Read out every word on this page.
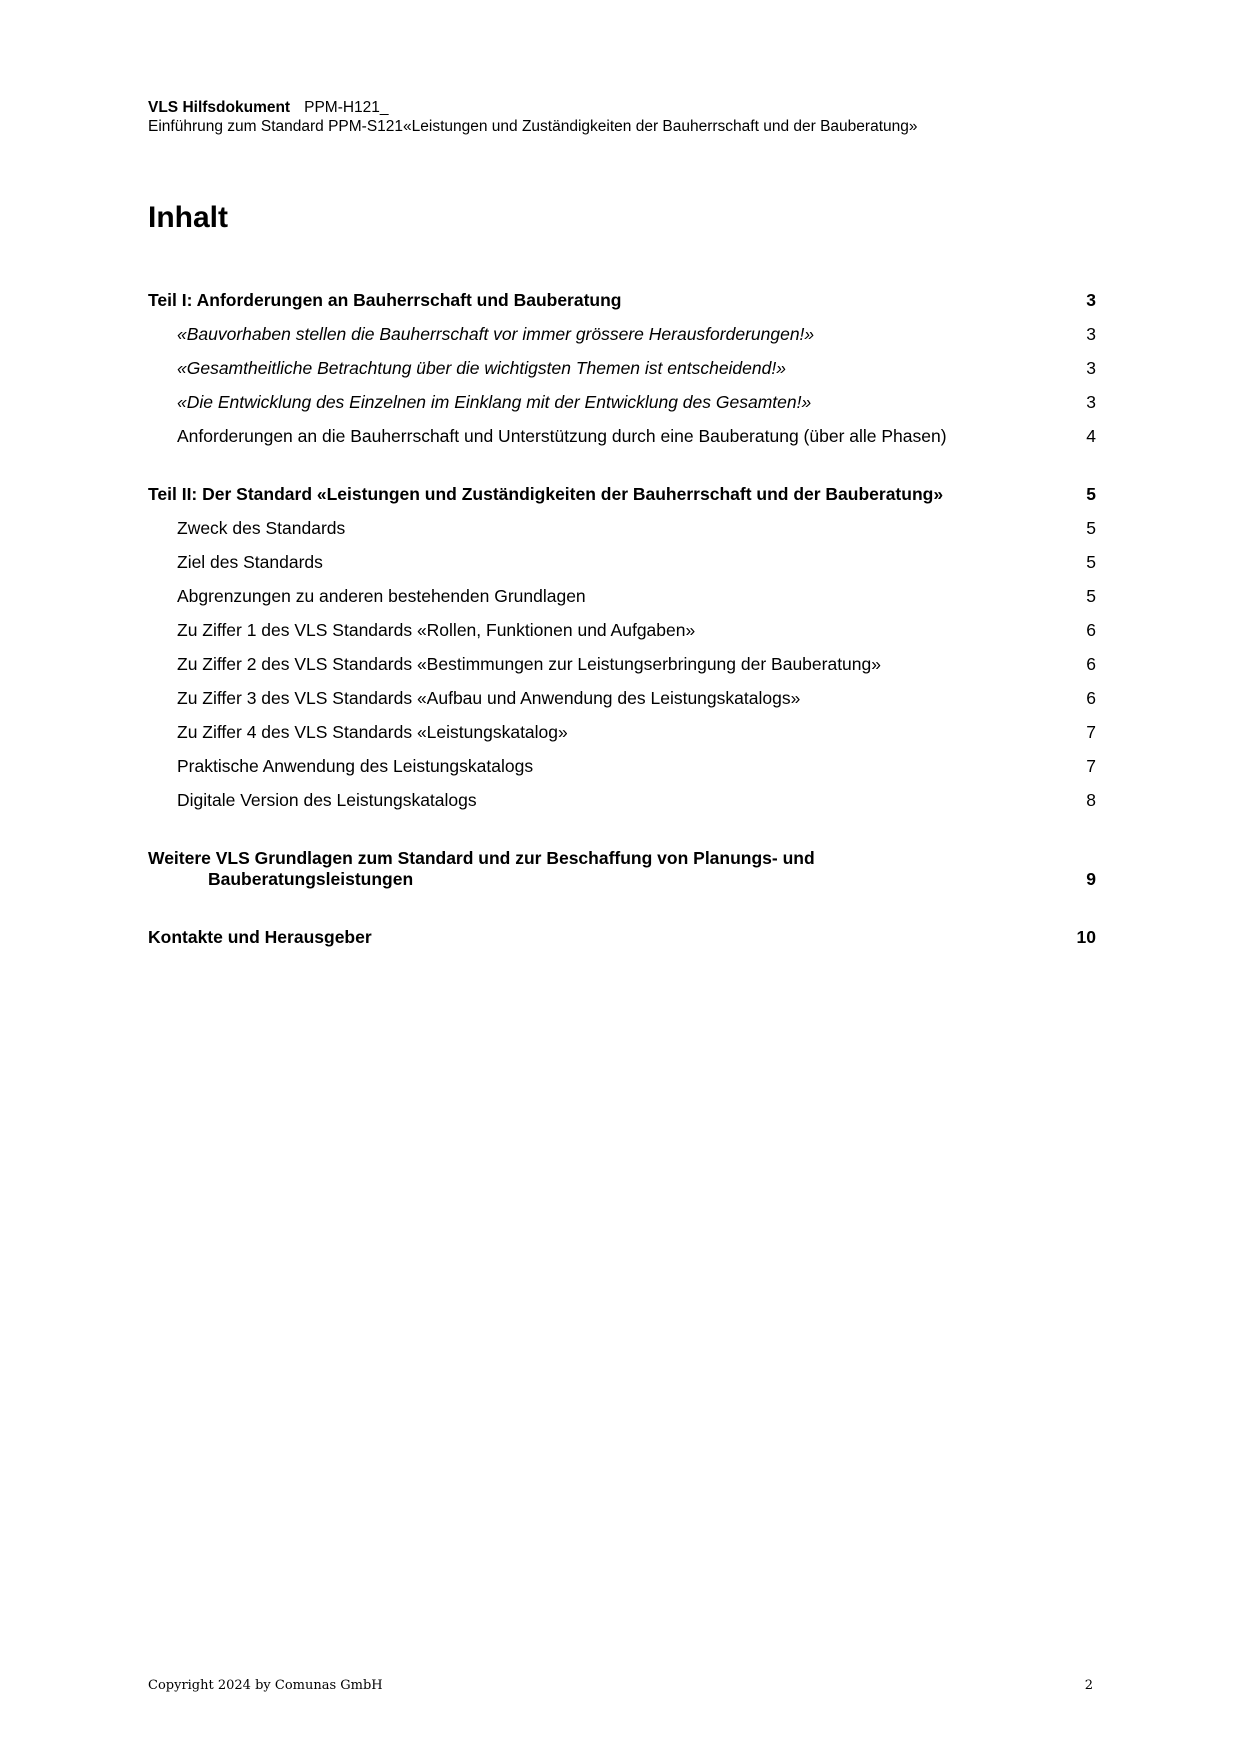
VLS Hilfsdokument PPM-H121_
Einführung zum Standard PPM-S121«Leistungen und Zuständigkeiten der Bauherrschaft und der Bauberatung»
Inhalt
Teil I: Anforderungen an Bauherrschaft und Bauberatung	3
«Bauvorhaben stellen die Bauherrschaft vor immer grössere Herausforderungen!»	3
«Gesamtheitliche Betrachtung über die wichtigsten Themen ist entscheidend!»	3
«Die Entwicklung des Einzelnen im Einklang mit der Entwicklung des Gesamten!»	3
Anforderungen an die Bauherrschaft und Unterstützung durch eine Bauberatung (über alle Phasen)	4
Teil II: Der Standard «Leistungen und Zuständigkeiten der Bauherrschaft und der Bauberatung»	5
Zweck des Standards	5
Ziel des Standards	5
Abgrenzungen zu anderen bestehenden Grundlagen	5
Zu Ziffer 1 des VLS Standards «Rollen, Funktionen und Aufgaben»	6
Zu Ziffer 2 des VLS Standards «Bestimmungen zur Leistungserbringung der Bauberatung»	6
Zu Ziffer 3 des VLS Standards «Aufbau und Anwendung des Leistungskatalogs»	6
Zu Ziffer 4 des VLS Standards «Leistungskatalog»	7
Praktische Anwendung des Leistungskatalogs	7
Digitale Version des Leistungskatalogs	8
Weitere VLS Grundlagen zum Standard und zur Beschaffung von Planungs- und
Bauberatungsleistungen	9
Kontakte und Herausgeber	10
Copyright 2024 by Comunas GmbH	2
